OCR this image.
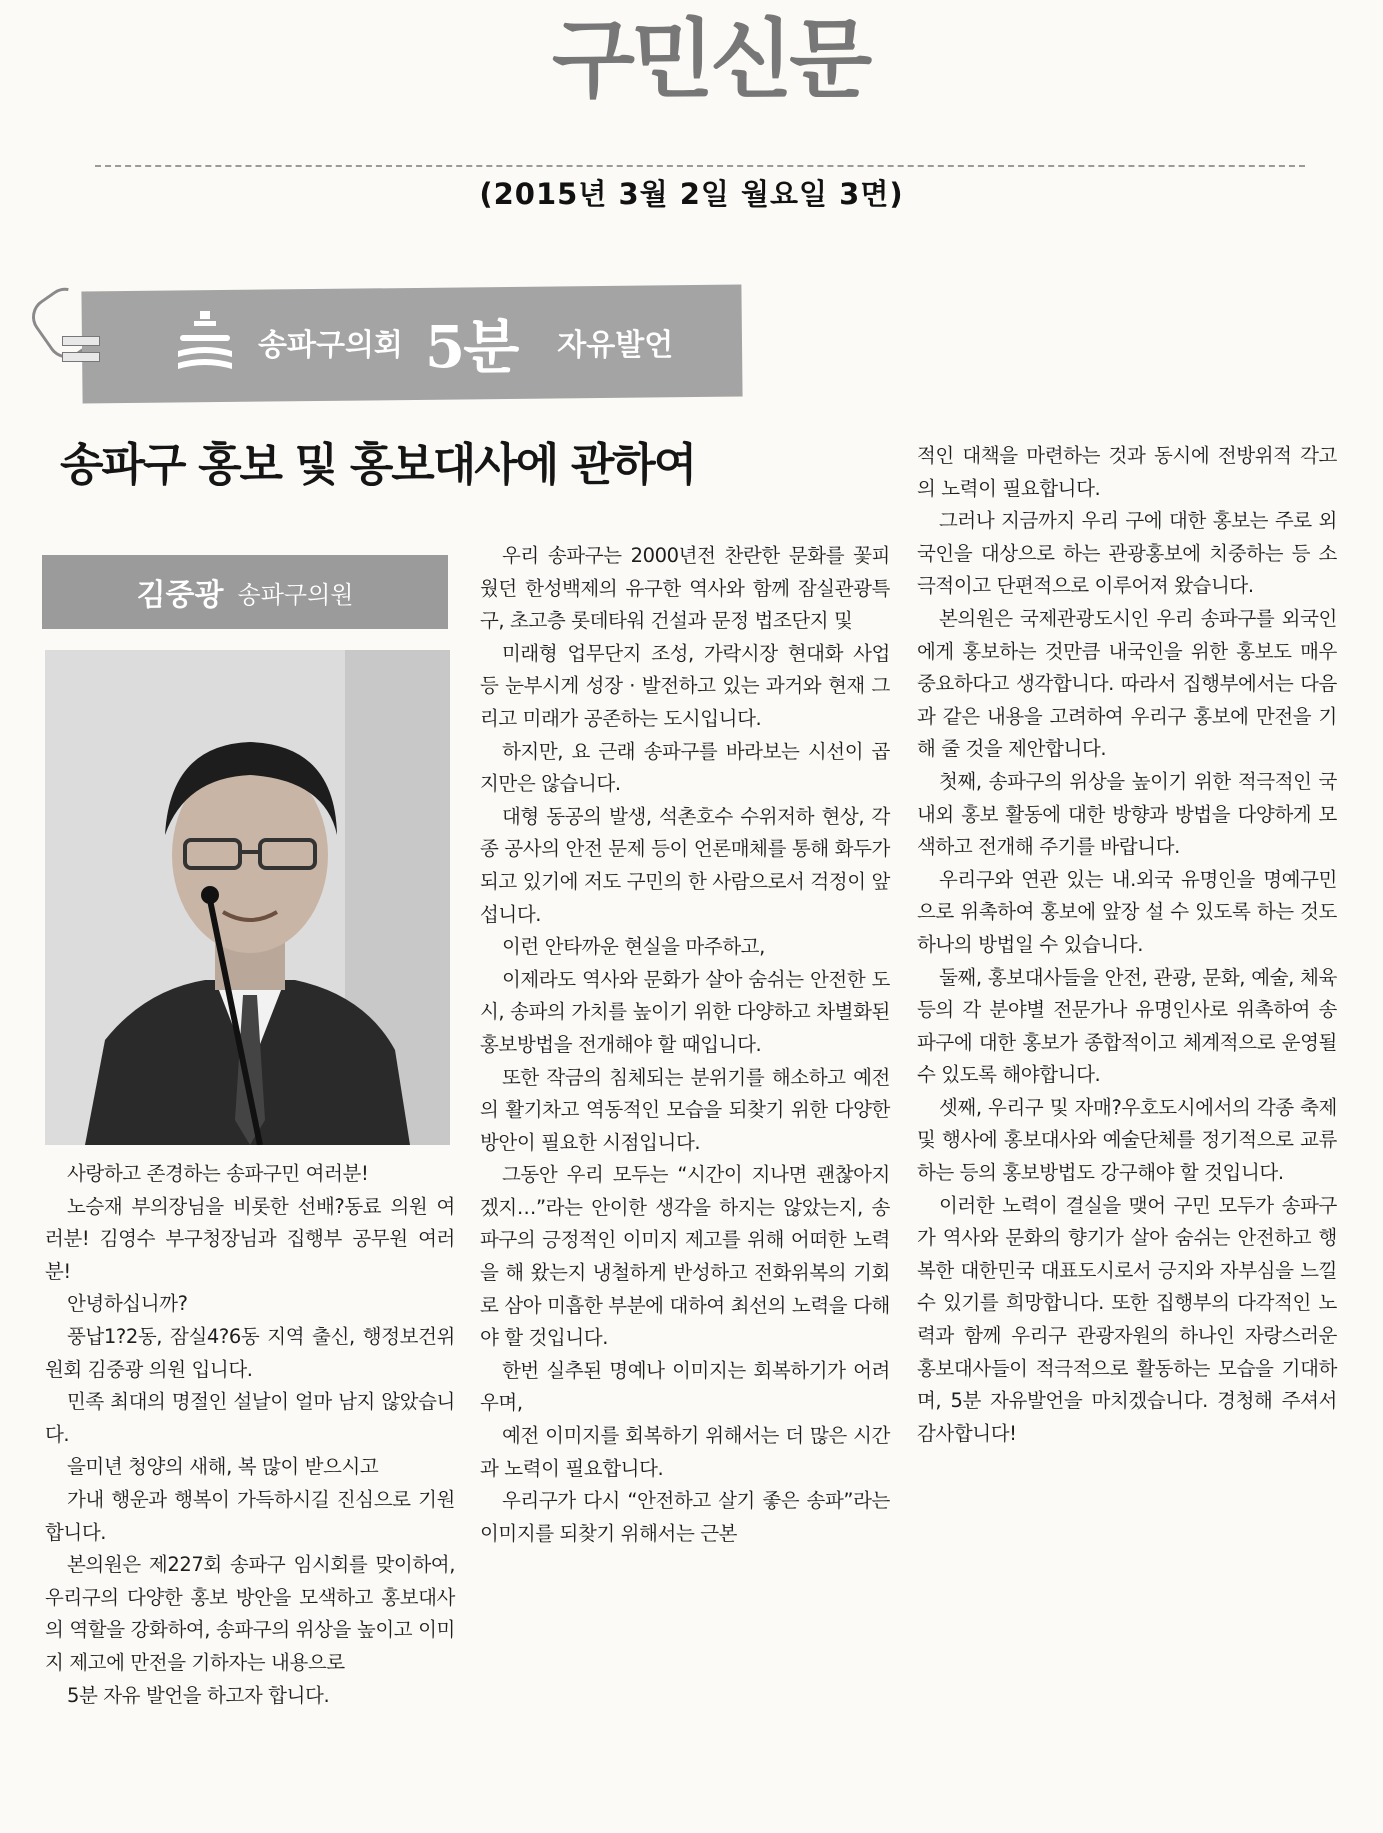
구민신문
(2015년 3월 2일 월요일 3면)
송파구의회 5분 자유발언
송파구 홍보 및 홍보대사에 관하여
김중광 송파구의원

사랑하고 존경하는 송파구민 여러분!

노승재 부의장님을 비롯한 선배?동료 의원 여러분! 김영수 부구청장님과 집행부 공무원 여러분!

안녕하십니까?

풍납1?2동, 잠실4?6동 지역 출신, 행정보건위원회 김중광 의원 입니다.

민족 최대의 명절인 설날이 얼마 남지 않았습니다.

을미년 청양의 새해, 복 많이 받으시고

가내 행운과 행복이 가득하시길 진심으로 기원합니다.

본의원은 제227회 송파구 임시회를 맞이하여, 우리구의 다양한 홍보 방안을 모색하고 홍보대사의 역할을 강화하여, 송파구의 위상을 높이고 이미지 제고에 만전을 기하자는 내용으로

5분 자유 발언을 하고자 합니다.

우리 송파구는 2000년전 찬란한 문화를 꽃피웠던 한성백제의 유구한 역사와 함께 잠실관광특구, 초고층 롯데타워 건설과 문정 법조단지 및

미래형 업무단지 조성, 가락시장 현대화 사업 등 눈부시게 성장 · 발전하고 있는 과거와 현재 그리고 미래가 공존하는 도시입니다.

하지만, 요 근래 송파구를 바라보는 시선이 곱지만은 않습니다.

대형 동공의 발생, 석촌호수 수위저하 현상, 각종 공사의 안전 문제 등이 언론매체를 통해 화두가 되고 있기에 저도 구민의 한 사람으로서 걱정이 앞섭니다.

이런 안타까운 현실을 마주하고,

이제라도 역사와 문화가 살아 숨쉬는 안전한 도시, 송파의 가치를 높이기 위한 다양하고 차별화된 홍보방법을 전개해야 할 때입니다.

또한 작금의 침체되는 분위기를 해소하고 예전의 활기차고 역동적인 모습을 되찾기 위한 다양한 방안이 필요한 시점입니다.

그동안 우리 모두는 “시간이 지나면 괜찮아지겠지…”라는 안이한 생각을 하지는 않았는지, 송파구의 긍정적인 이미지 제고를 위해 어떠한 노력을 해 왔는지 냉철하게 반성하고 전화위복의 기회로 삼아 미흡한 부분에 대하여 최선의 노력을 다해야 할 것입니다.

한번 실추된 명예나 이미지는 회복하기가 어려우며,

예전 이미지를 회복하기 위해서는 더 많은 시간과 노력이 필요합니다.

우리구가 다시 “안전하고 살기 좋은 송파”라는 이미지를 되찾기 위해서는 근본

적인 대책을 마련하는 것과 동시에 전방위적 각고의 노력이 필요합니다.

그러나 지금까지 우리 구에 대한 홍보는 주로 외국인을 대상으로 하는 관광홍보에 치중하는 등 소극적이고 단편적으로 이루어져 왔습니다.

본의원은 국제관광도시인 우리 송파구를 외국인에게 홍보하는 것만큼 내국인을 위한 홍보도 매우 중요하다고 생각합니다. 따라서 집행부에서는 다음과 같은 내용을 고려하여 우리구 홍보에 만전을 기해 줄 것을 제안합니다.

첫째, 송파구의 위상을 높이기 위한 적극적인 국내외 홍보 활동에 대한 방향과 방법을 다양하게 모색하고 전개해 주기를 바랍니다.

우리구와 연관 있는 내.외국 유명인을 명예구민으로 위촉하여 홍보에 앞장 설 수 있도록 하는 것도 하나의 방법일 수 있습니다.

둘째, 홍보대사들을 안전, 관광, 문화, 예술, 체육 등의 각 분야별 전문가나 유명인사로 위촉하여 송파구에 대한 홍보가 종합적이고 체계적으로 운영될 수 있도록 해야합니다.

셋째, 우리구 및 자매?우호도시에서의 각종 축제 및 행사에 홍보대사와 예술단체를 정기적으로 교류하는 등의 홍보방법도 강구해야 할 것입니다.

이러한 노력이 결실을 맺어 구민 모두가 송파구가 역사와 문화의 향기가 살아 숨쉬는 안전하고 행복한 대한민국 대표도시로서 긍지와 자부심을 느낄 수 있기를 희망합니다. 또한 집행부의 다각적인 노력과 함께 우리구 관광자원의 하나인 자랑스러운 홍보대사들이 적극적으로 활동하는 모습을 기대하며, 5분 자유발언을 마치겠습니다. 경청해 주셔서 감사합니다!
